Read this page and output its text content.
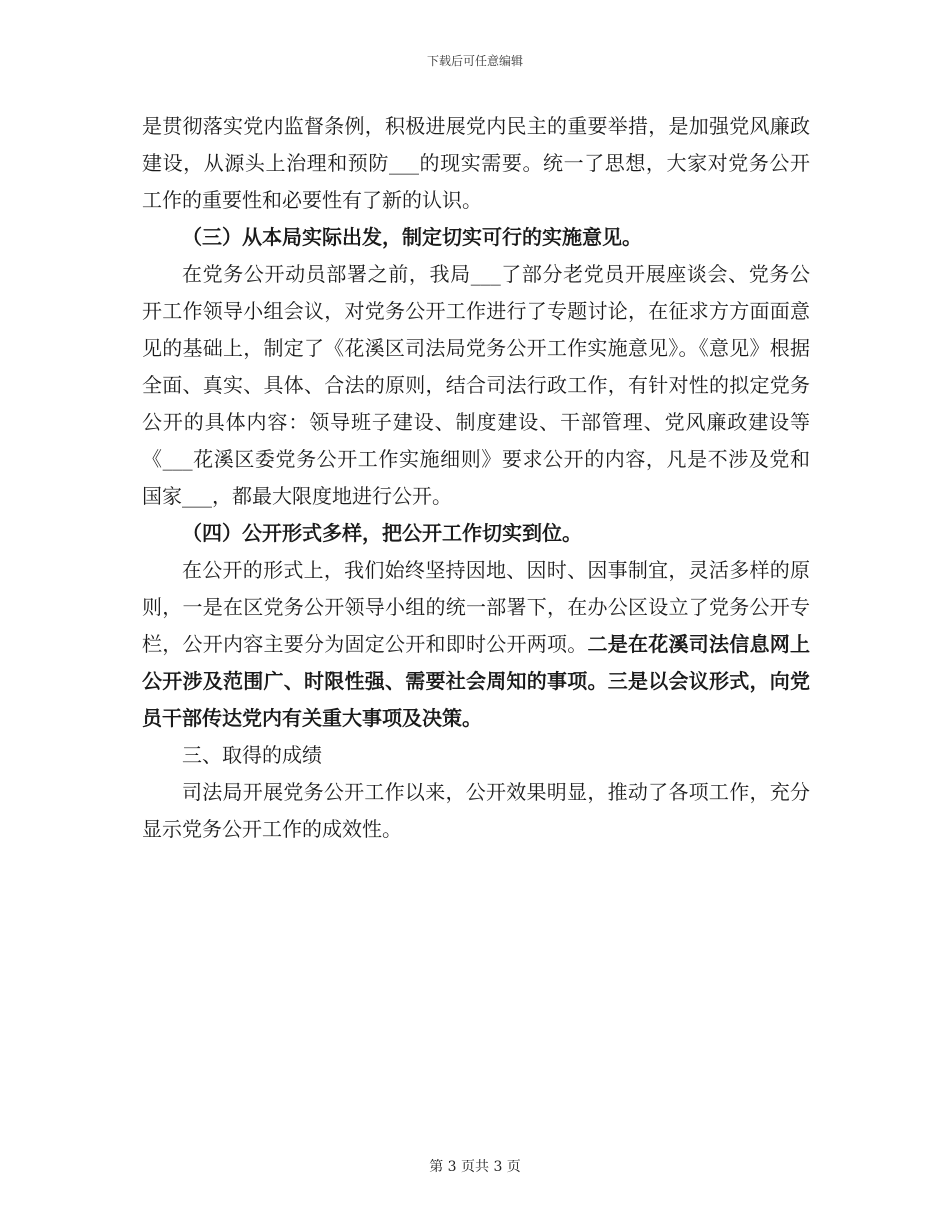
下载后可任意编辑

是贯彻落实党内监督条例，积极进展党内民主的重要举措，是加强党风廉政建设，从源头上治理和预防___的现实需要。统一了思想，大家对党务公开工作的重要性和必要性有了新的认识。

（三）从本局实际出发，制定切实可行的实施意见。

在党务公开动员部署之前，我局___了部分老党员开展座谈会、党务公开工作领导小组会议，对党务公开工作进行了专题讨论，在征求方方面面意见的基础上，制定了《花溪区司法局党务公开工作实施意见》。《意见》根据全面、真实、具体、合法的原则，结合司法行政工作，有针对性的拟定党务公开的具体内容：领导班子建设、制度建设、干部管理、党风廉政建设等《___花溪区委党务公开工作实施细则》要求公开的内容，凡是不涉及党和国家___，都最大限度地进行公开。

（四）公开形式多样，把公开工作切实到位。

在公开的形式上，我们始终坚持因地、因时、因事制宜，灵活多样的原则，一是在区党务公开领导小组的统一部署下，在办公区设立了党务公开专栏，公开内容主要分为固定公开和即时公开两项。二是在花溪司法信息网上公开涉及范围广、时限性强、需要社会周知的事项。三是以会议形式，向党员干部传达党内有关重大事项及决策。

三、取得的成绩

司法局开展党务公开工作以来，公开效果明显，推动了各项工作，充分显示党务公开工作的成效性。

第 3 页共 3 页
